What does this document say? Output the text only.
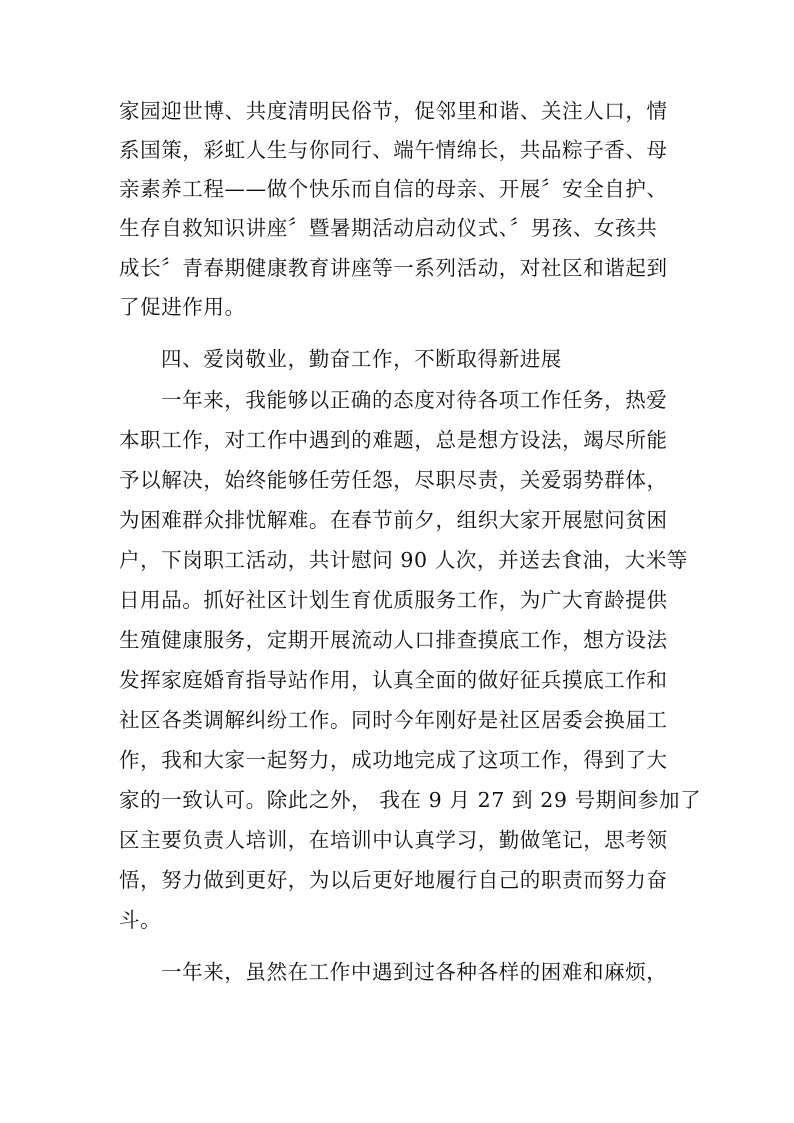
家园迎世博、共度清明民俗节，促邻里和谐、关注人口，情
系国策，彩虹人生与你同行、端午情绵长，共品粽子香、母
亲素养工程——做个快乐而自信的母亲、开展〞安全自护、
生存自救知识讲座〞暨暑期活动启动仪式、〞男孩、女孩共
成长〞青春期健康教育讲座等一系列活动，对社区和谐起到
了促进作用。
四、爱岗敬业，勤奋工作，不断取得新进展
一年来，我能够以正确的态度对待各项工作任务，热爱
本职工作，对工作中遇到的难题，总是想方设法，竭尽所能
予以解决，始终能够任劳任怨，尽职尽责，关爱弱势群体，
为困难群众排忧解难。在春节前夕，组织大家开展慰问贫困
户，下岗职工活动，共计慰问 90 人次，并送去食油，大米等
日用品。抓好社区计划生育优质服务工作，为广大育龄提供
生殖健康服务，定期开展流动人口排查摸底工作，想方设法
发挥家庭婚育指导站作用，认真全面的做好征兵摸底工作和
社区各类调解纠纷工作。同时今年刚好是社区居委会换届工
作，我和大家一起努力，成功地完成了这项工作，得到了大
家的一致认可。除此之外， 我在 9 月 27 到 29 号期间参加了
区主要负责人培训，在培训中认真学习，勤做笔记，思考领
悟，努力做到更好，为以后更好地履行自己的职责而努力奋
斗。
一年来，虽然在工作中遇到过各种各样的困难和麻烦，
